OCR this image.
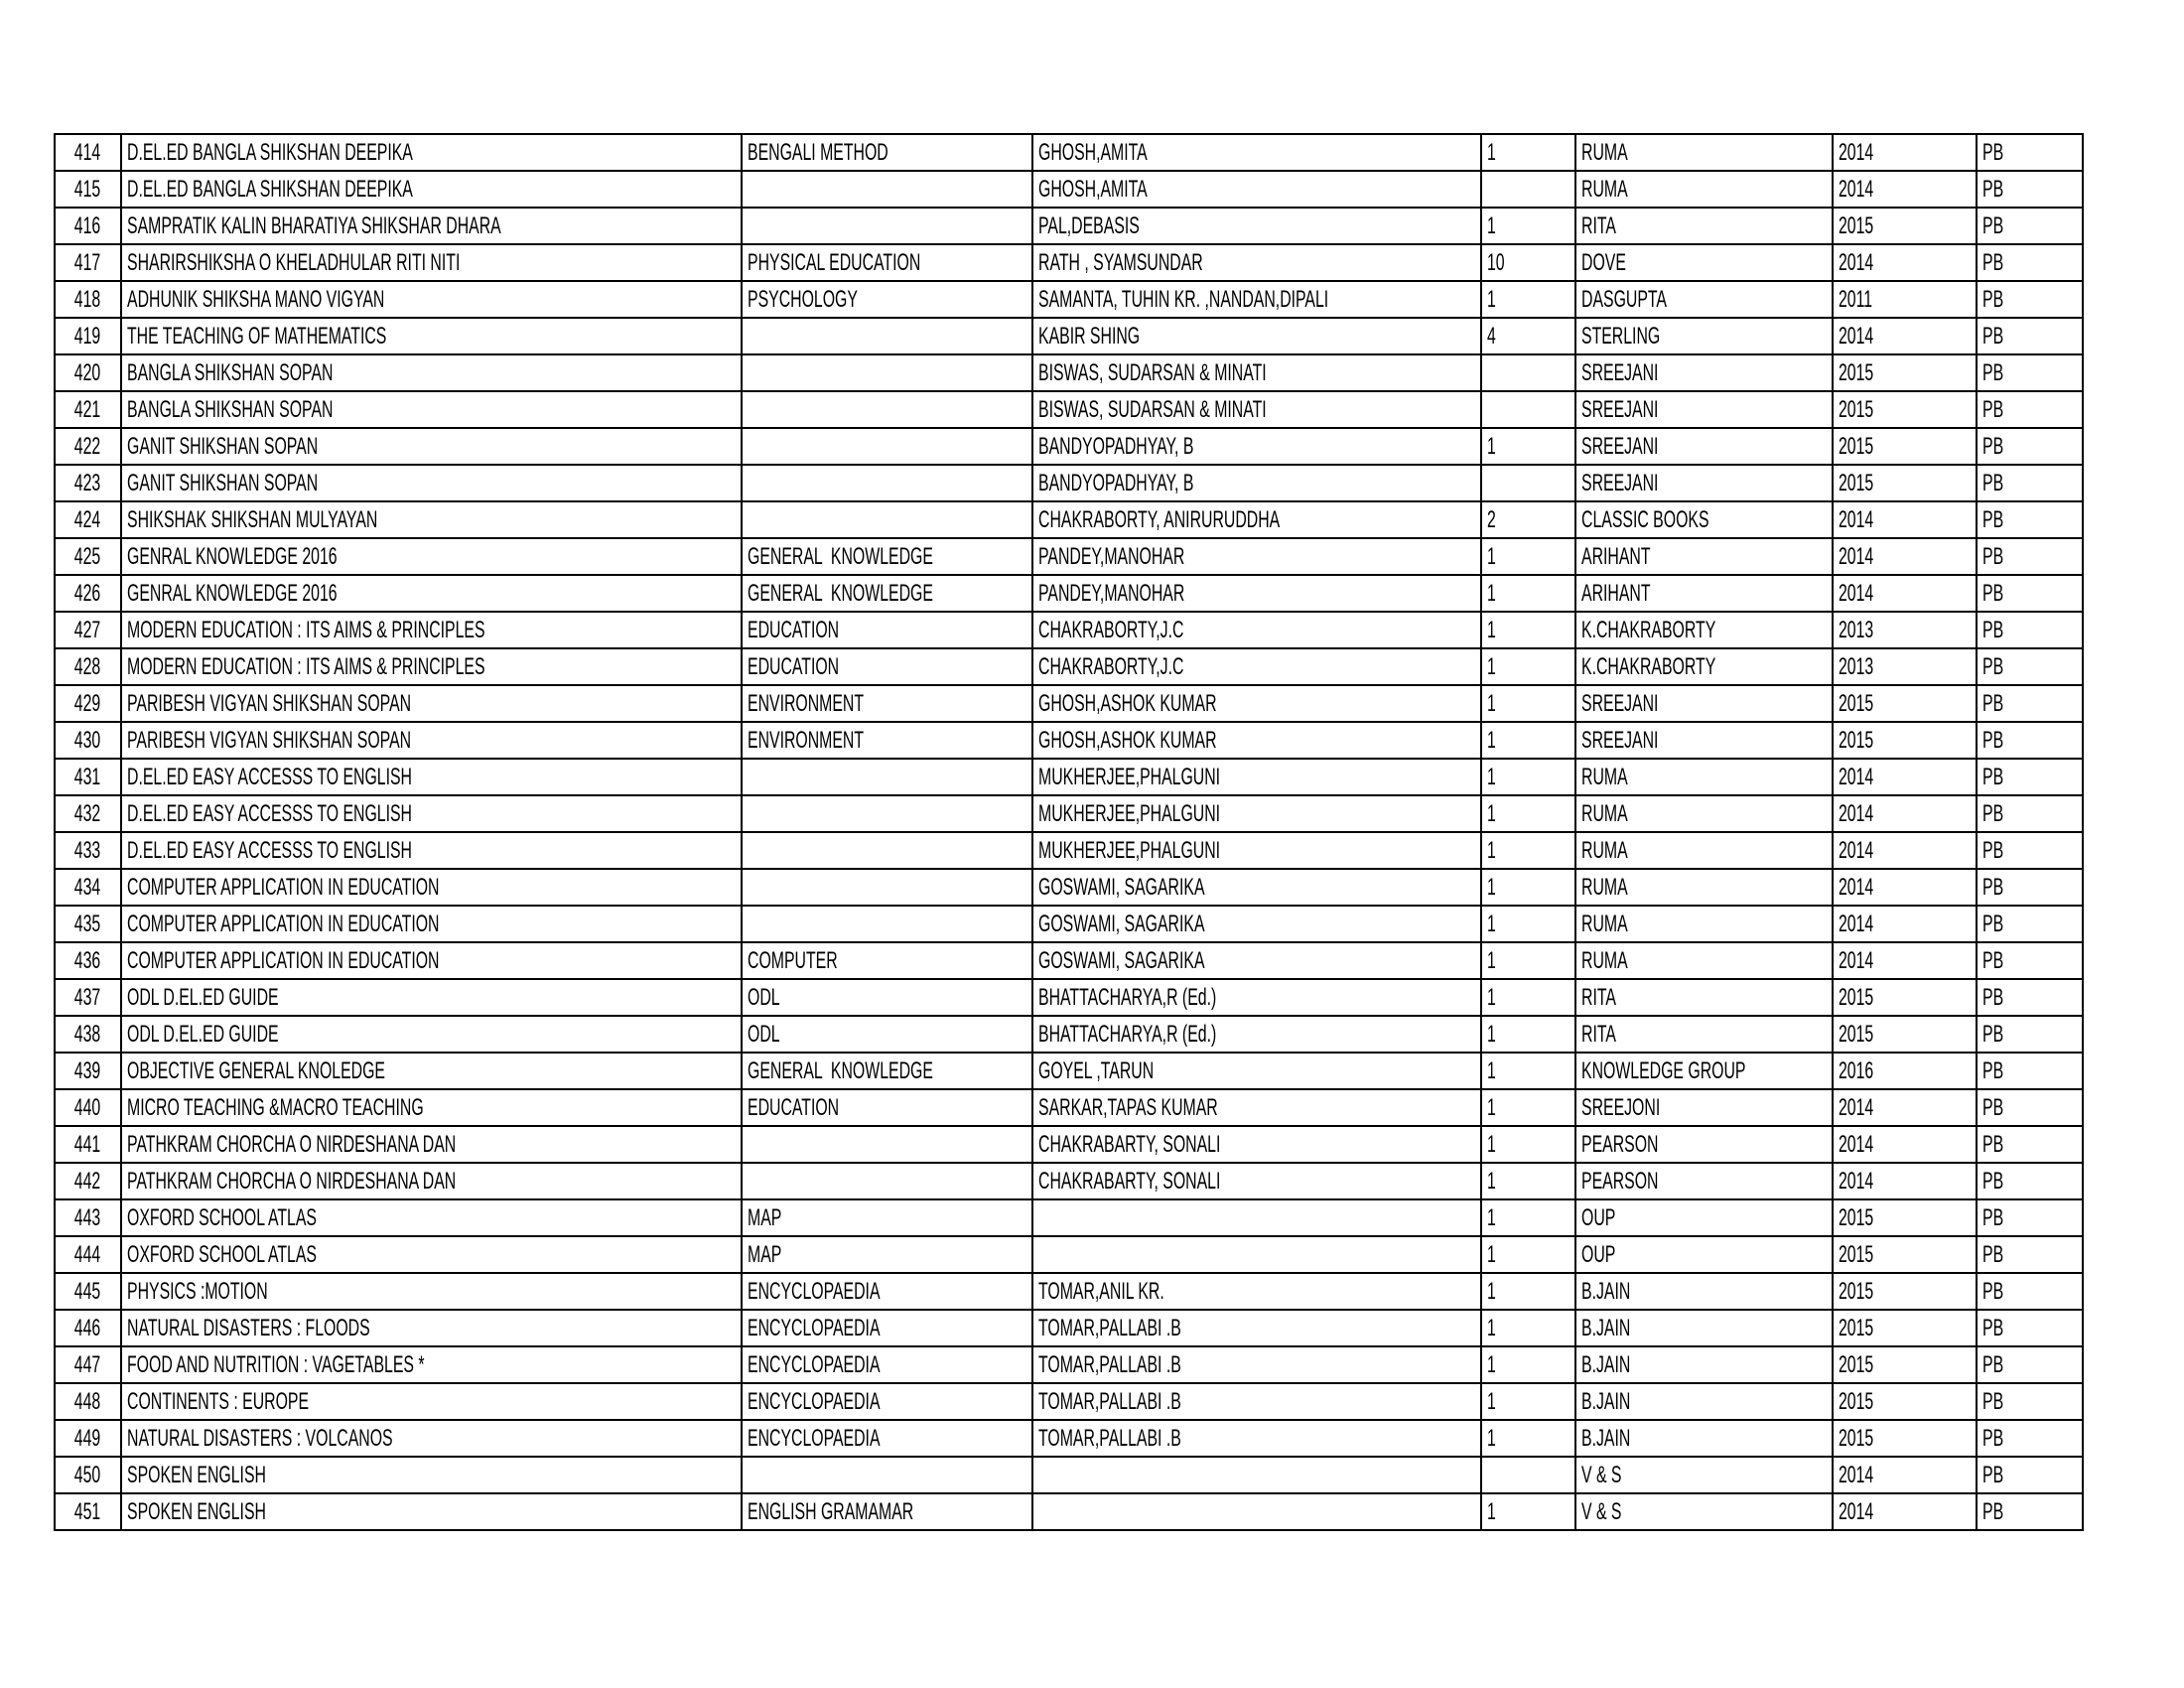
414	D.EL.ED BANGLA SHIKSHAN DEEPIKA	BENGALI METHOD	GHOSH,AMITA	1	RUMA	2014	PB
415	D.EL.ED BANGLA SHIKSHAN DEEPIKA		GHOSH,AMITA		RUMA	2014	PB
416	SAMPRATIK KALIN BHARATIYA SHIKSHAR DHARA		PAL,DEBASIS	1	RITA	2015	PB
417	SHARIRSHIKSHA O KHELADHULAR RITI NITI	PHYSICAL EDUCATION	RATH , SYAMSUNDAR	10	DOVE	2014	PB
418	ADHUNIK SHIKSHA MANO VIGYAN	PSYCHOLOGY	SAMANTA, TUHIN KR. ,NANDAN,DIPALI	1	DASGUPTA	2011	PB
419	THE TEACHING OF MATHEMATICS		KABIR SHING	4	STERLING	2014	PB
420	BANGLA SHIKSHAN SOPAN		BISWAS, SUDARSAN & MINATI		SREEJANI	2015	PB
421	BANGLA SHIKSHAN SOPAN		BISWAS, SUDARSAN & MINATI		SREEJANI	2015	PB
422	GANIT SHIKSHAN SOPAN		BANDYOPADHYAY, B	1	SREEJANI	2015	PB
423	GANIT SHIKSHAN SOPAN		BANDYOPADHYAY, B		SREEJANI	2015	PB
424	SHIKSHAK SHIKSHAN MULYAYAN		CHAKRABORTY, ANIRURUDDHA	2	CLASSIC BOOKS	2014	PB
425	GENRAL KNOWLEDGE 2016	GENERAL  KNOWLEDGE	PANDEY,MANOHAR	1	ARIHANT	2014	PB
426	GENRAL KNOWLEDGE 2016	GENERAL  KNOWLEDGE	PANDEY,MANOHAR	1	ARIHANT	2014	PB
427	MODERN EDUCATION : ITS AIMS & PRINCIPLES	EDUCATION	CHAKRABORTY,J.C	1	K.CHAKRABORTY	2013	PB
428	MODERN EDUCATION : ITS AIMS & PRINCIPLES	EDUCATION	CHAKRABORTY,J.C	1	K.CHAKRABORTY	2013	PB
429	PARIBESH VIGYAN SHIKSHAN SOPAN	ENVIRONMENT	GHOSH,ASHOK KUMAR	1	SREEJANI	2015	PB
430	PARIBESH VIGYAN SHIKSHAN SOPAN	ENVIRONMENT	GHOSH,ASHOK KUMAR	1	SREEJANI	2015	PB
431	D.EL.ED EASY ACCESSS TO ENGLISH		MUKHERJEE,PHALGUNI	1	RUMA	2014	PB
432	D.EL.ED EASY ACCESSS TO ENGLISH		MUKHERJEE,PHALGUNI	1	RUMA	2014	PB
433	D.EL.ED EASY ACCESSS TO ENGLISH		MUKHERJEE,PHALGUNI	1	RUMA	2014	PB
434	COMPUTER APPLICATION IN EDUCATION		GOSWAMI, SAGARIKA	1	RUMA	2014	PB
435	COMPUTER APPLICATION IN EDUCATION		GOSWAMI, SAGARIKA	1	RUMA	2014	PB
436	COMPUTER APPLICATION IN EDUCATION	COMPUTER	GOSWAMI, SAGARIKA	1	RUMA	2014	PB
437	ODL D.EL.ED GUIDE	ODL	BHATTACHARYA,R (Ed.)	1	RITA	2015	PB
438	ODL D.EL.ED GUIDE	ODL	BHATTACHARYA,R (Ed.)	1	RITA	2015	PB
439	OBJECTIVE GENERAL KNOLEDGE	GENERAL  KNOWLEDGE	GOYEL ,TARUN	1	KNOWLEDGE GROUP	2016	PB
440	MICRO TEACHING &MACRO TEACHING	EDUCATION	SARKAR,TAPAS KUMAR	1	SREEJONI	2014	PB
441	PATHKRAM CHORCHA O NIRDESHANA DAN		CHAKRABARTY, SONALI	1	PEARSON	2014	PB
442	PATHKRAM CHORCHA O NIRDESHANA DAN		CHAKRABARTY, SONALI	1	PEARSON	2014	PB
443	OXFORD SCHOOL ATLAS	MAP		1	OUP	2015	PB
444	OXFORD SCHOOL ATLAS	MAP		1	OUP	2015	PB
445	PHYSICS :MOTION	ENCYCLOPAEDIA	TOMAR,ANIL KR.	1	B.JAIN	2015	PB
446	NATURAL DISASTERS : FLOODS	ENCYCLOPAEDIA	TOMAR,PALLABI .B	1	B.JAIN	2015	PB
447	FOOD AND NUTRITION : VAGETABLES *	ENCYCLOPAEDIA	TOMAR,PALLABI .B	1	B.JAIN	2015	PB
448	CONTINENTS : EUROPE	ENCYCLOPAEDIA	TOMAR,PALLABI .B	1	B.JAIN	2015	PB
449	NATURAL DISASTERS : VOLCANOS	ENCYCLOPAEDIA	TOMAR,PALLABI .B	1	B.JAIN	2015	PB
450	SPOKEN ENGLISH				V & S	2014	PB
451	SPOKEN ENGLISH	ENGLISH GRAMAMAR		1	V & S	2014	PB
